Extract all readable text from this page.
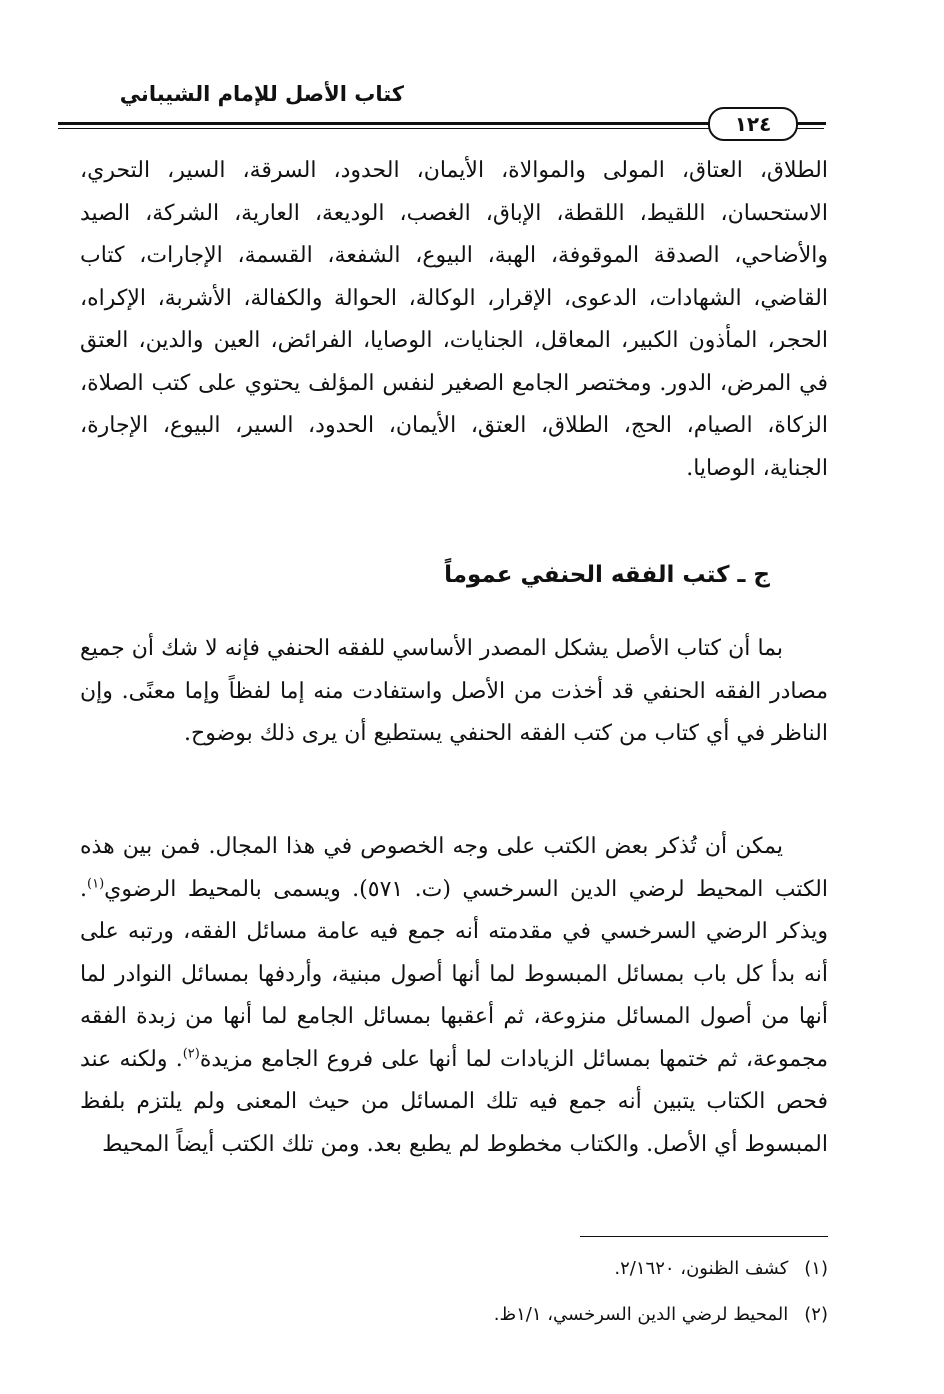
كتاب الأصل للإمام الشيباني
١٢٤

الطلاق، العتاق، المولى والموالاة، الأيمان، الحدود، السرقة، السير، التحري، الاستحسان، اللقيط، اللقطة، الإباق، الغصب، الوديعة، العارية، الشركة، الصيد والأضاحي، الصدقة الموقوفة، الهبة، البيوع، الشفعة، القسمة، الإجارات، كتاب القاضي، الشهادات، الدعوى، الإقرار، الوكالة، الحوالة والكفالة، الأشربة، الإكراه، الحجر، المأذون الكبير، المعاقل، الجنايات، الوصايا، الفرائض، العين والدين، العتق في المرض، الدور. ومختصر الجامع الصغير لنفس المؤلف يحتوي على كتب الصلاة، الزكاة، الصيام، الحج، الطلاق، العتق، الأيمان، الحدود، السير، البيوع، الإجارة، الجناية، الوصايا.

ج ـ كتب الفقه الحنفي عموماً

بما أن كتاب الأصل يشكل المصدر الأساسي للفقه الحنفي فإنه لا شك أن جميع مصادر الفقه الحنفي قد أخذت من الأصل واستفادت منه إما لفظاً وإما معنًى. وإن الناظر في أي كتاب من كتب الفقه الحنفي يستطيع أن يرى ذلك بوضوح.

يمكن أن تُذكر بعض الكتب على وجه الخصوص في هذا المجال. فمن بين هذه الكتب المحيط لرضي الدين السرخسي (ت. ٥٧١). ويسمى بالمحيط الرضوي$^{(١)}$. ويذكر الرضي السرخسي في مقدمته أنه جمع فيه عامة مسائل الفقه، ورتبه على أنه بدأ كل باب بمسائل المبسوط لما أنها أصول مبنية، وأردفها بمسائل النوادر لما أنها من أصول المسائل منزوعة، ثم أعقبها بمسائل الجامع لما أنها من زبدة الفقه مجموعة، ثم ختمها بمسائل الزيادات لما أنها على فروع الجامع مزيدة$^{(٢)}$. ولكنه عند فحص الكتاب يتبين أنه جمع فيه تلك المسائل من حيث المعنى ولم يلتزم بلفظ المبسوط أي الأصل. والكتاب مخطوط لم يطبع بعد. ومن تلك الكتب أيضاً المحيط

(١)
كشف الظنون، ٢/١٦٢٠.
(٢)
المحيط لرضي الدين السرخسي، ١/١ظ.
